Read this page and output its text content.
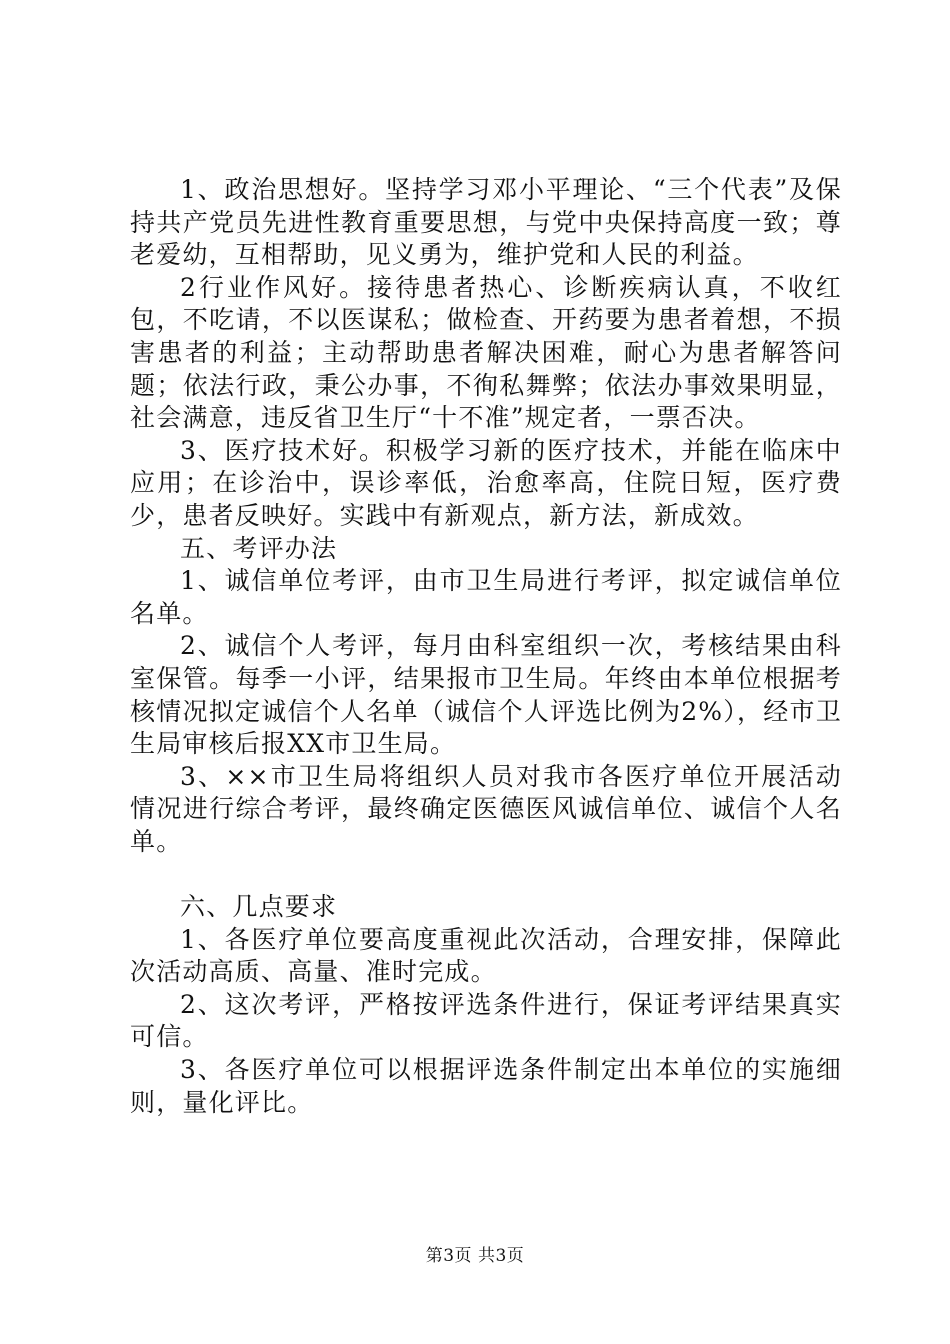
1、政治思想好。坚持学习邓小平理论、“三个代表”及保持共产党员先进性教育重要思想，与党中央保持高度一致；尊老爱幼，互相帮助，见义勇为，维护党和人民的利益。

2行业作风好。接待患者热心、诊断疾病认真，不收红包，不吃请，不以医谋私；做检查、开药要为患者着想，不损害患者的利益；主动帮助患者解决困难，耐心为患者解答问题；依法行政，秉公办事，不徇私舞弊；依法办事效果明显，社会满意，违反省卫生厅“十不准”规定者，一票否决。

3、医疗技术好。积极学习新的医疗技术，并能在临床中应用；在诊治中，误诊率低，治愈率高，住院日短，医疗费少，患者反映好。实践中有新观点，新方法，新成效。

五、考评办法

1、诚信单位考评，由市卫生局进行考评，拟定诚信单位名单。

2、诚信个人考评，每月由科室组织一次，考核结果由科室保管。每季一小评，结果报市卫生局。年终由本单位根据考核情况拟定诚信个人名单（诚信个人评选比例为2%），经市卫生局审核后报XX市卫生局。

3、××市卫生局将组织人员对我市各医疗单位开展活动情况进行综合考评，最终确定医德医风诚信单位、诚信个人名单。

六、几点要求

1、各医疗单位要高度重视此次活动，合理安排，保障此次活动高质、高量、准时完成。

2、这次考评，严格按评选条件进行，保证考评结果真实可信。

3、各医疗单位可以根据评选条件制定出本单位的实施细则，量化评比。

第3页 共3页
